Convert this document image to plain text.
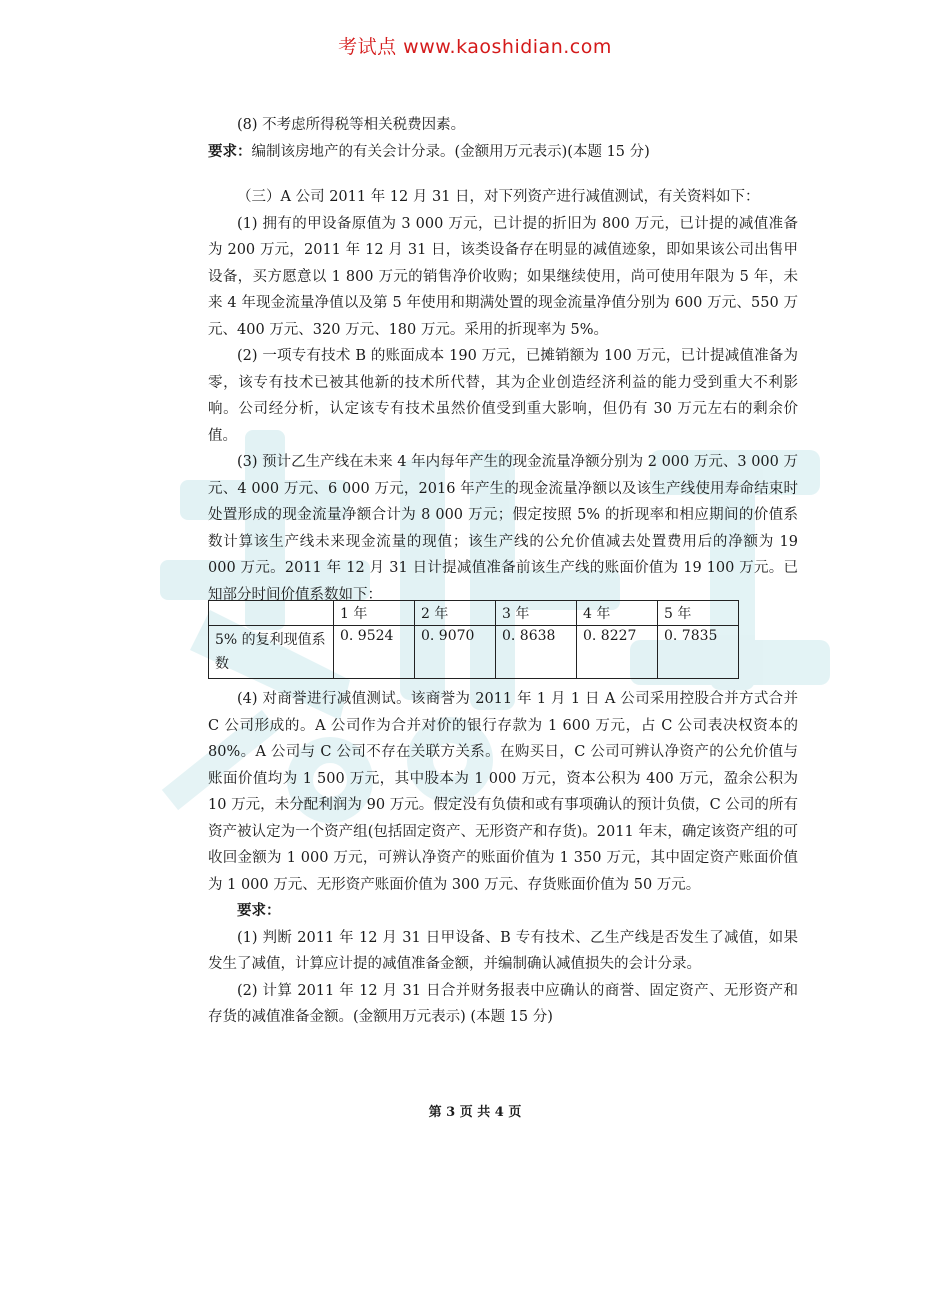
考试点 www.kaoshidian.com

(8) 不考虑所得税等相关税费因素。

要求：编制该房地产的有关会计分录。(金额用万元表示)(本题 15 分)

（三）A 公司 2011 年 12 月 31 日，对下列资产进行减值测试，有关资料如下：

(1) 拥有的甲设备原值为 3 000 万元，已计提的折旧为 800 万元，已计提的减值准备为 200 万元，2011 年 12 月 31 日，该类设备存在明显的减值迹象，即如果该公司出售甲设备，买方愿意以 1 800 万元的销售净价收购；如果继续使用，尚可使用年限为 5 年，未来 4 年现金流量净值以及第 5 年使用和期满处置的现金流量净值分别为 600 万元、550 万元、400 万元、320 万元、180 万元。采用的折现率为 5%。

(2) 一项专有技术 B 的账面成本 190 万元，已摊销额为 100 万元，已计提减值准备为零，该专有技术已被其他新的技术所代替，其为企业创造经济利益的能力受到重大不利影响。公司经分析，认定该专有技术虽然价值受到重大影响，但仍有 30 万元左右的剩余价值。

(3) 预计乙生产线在未来 4 年内每年产生的现金流量净额分别为 2 000 万元、3 000 万元、4 000 万元、6 000 万元，2016 年产生的现金流量净额以及该生产线使用寿命结束时处置形成的现金流量净额合计为 8 000 万元；假定按照 5% 的折现率和相应期间的价值系数计算该生产线未来现金流量的现值；该生产线的公允价值减去处置费用后的净额为 19 000 万元。2011 年 12 月 31 日计提减值准备前该生产线的账面价值为 19 100 万元。已知部分时间价值系数如下：

	1 年	2 年	3 年	4 年	5 年
5% 的复利现值系数	0. 9524	0. 9070	0. 8638	0. 8227	0. 7835

(4) 对商誉进行减值测试。该商誉为 2011 年 1 月 1 日 A 公司采用控股合并方式合并 C 公司形成的。A 公司作为合并对价的银行存款为 1 600 万元，占 C 公司表决权资本的 80%。A 公司与 C 公司不存在关联方关系。在购买日，C 公司可辨认净资产的公允价值与账面价值均为 1 500 万元，其中股本为 1 000 万元，资本公积为 400 万元，盈余公积为 10 万元，未分配利润为 90 万元。假定没有负债和或有事项确认的预计负债，C 公司的所有资产被认定为一个资产组(包括固定资产、无形资产和存货)。2011 年末，确定该资产组的可收回金额为 1 000 万元，可辨认净资产的账面价值为 1 350 万元，其中固定资产账面价值为 1 000 万元、无形资产账面价值为 300 万元、存货账面价值为 50 万元。

要求：

(1) 判断 2011 年 12 月 31 日甲设备、B 专有技术、乙生产线是否发生了减值，如果发生了减值，计算应计提的减值准备金额，并编制确认减值损失的会计分录。

(2) 计算 2011 年 12 月 31 日合并财务报表中应确认的商誉、固定资产、无形资产和存货的减值准备金额。(金额用万元表示) (本题 15 分)

第 3 页 共 4 页
